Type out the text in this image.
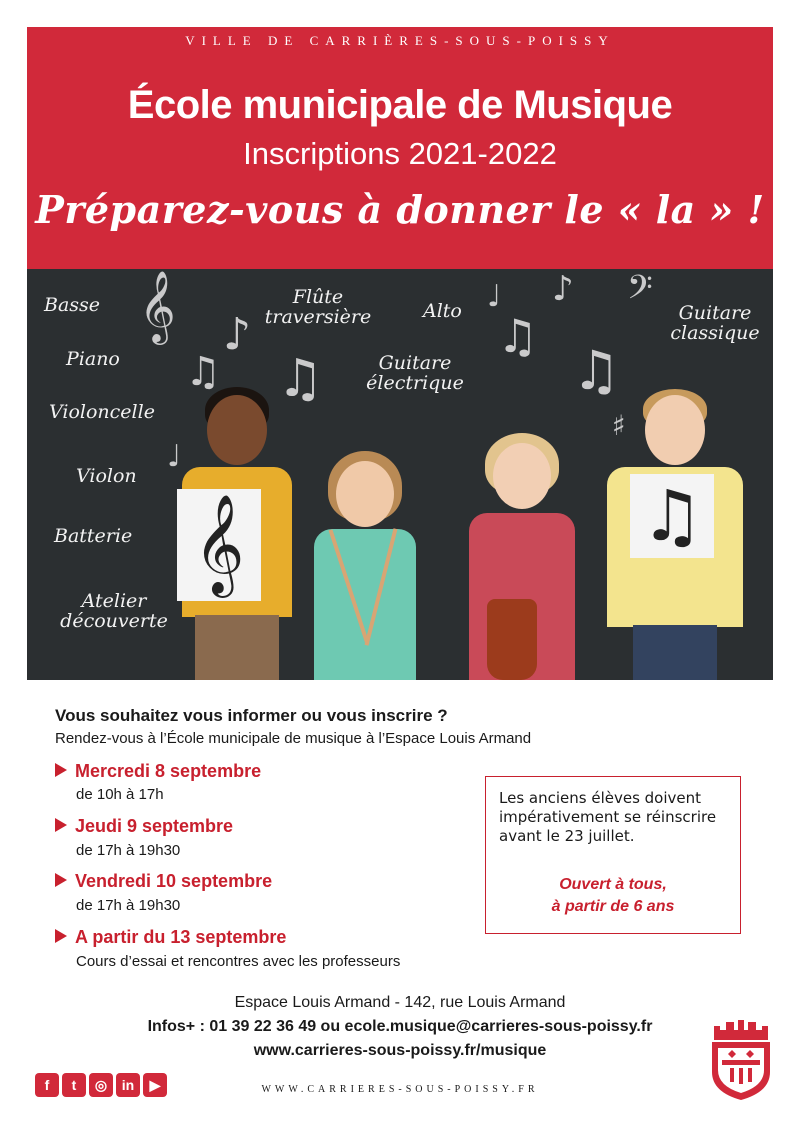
VILLE DE CARRIÈRES-SOUS-POISSY
École municipale de Musique
Inscriptions 2021-2022
Préparez-vous à donner le « la » !
𝄞 ♪
♫ ♫
♩ ♪ 𝄢
♫
♫
♯
♩
Basse
Piano
Violoncelle
Violon
Batterie
Atelier découverte
Flûte traversière	Alto
Guitare électrique
Guitare classique
𝄞	♫
Vous souhaitez vous informer ou vous inscrire ?
Rendez-vous à l’École municipale de musique à l’Espace Louis Armand
Mercredi 8 septembre
de 10h à 17h
Jeudi 9 septembre
de 17h à 19h30
Vendredi 10 septembre
de 17h à 19h30
A partir du 13 septembre
Cours d’essai et rencontres avec les professeurs
Les anciens élèves doivent impérativement se réinscrire avant le 23 juillet.
Ouvert à tous,
à partir de 6 ans
Espace Louis Armand - 142, rue Louis Armand
Infos+ : 01 39 22 36 49 ou ecole.musique@carrieres-sous-poissy.fr
www.carrieres-sous-poissy.fr/musique
f	t	◎	in	▶	WWW.CARRIERES-SOUS-POISSY.FR
